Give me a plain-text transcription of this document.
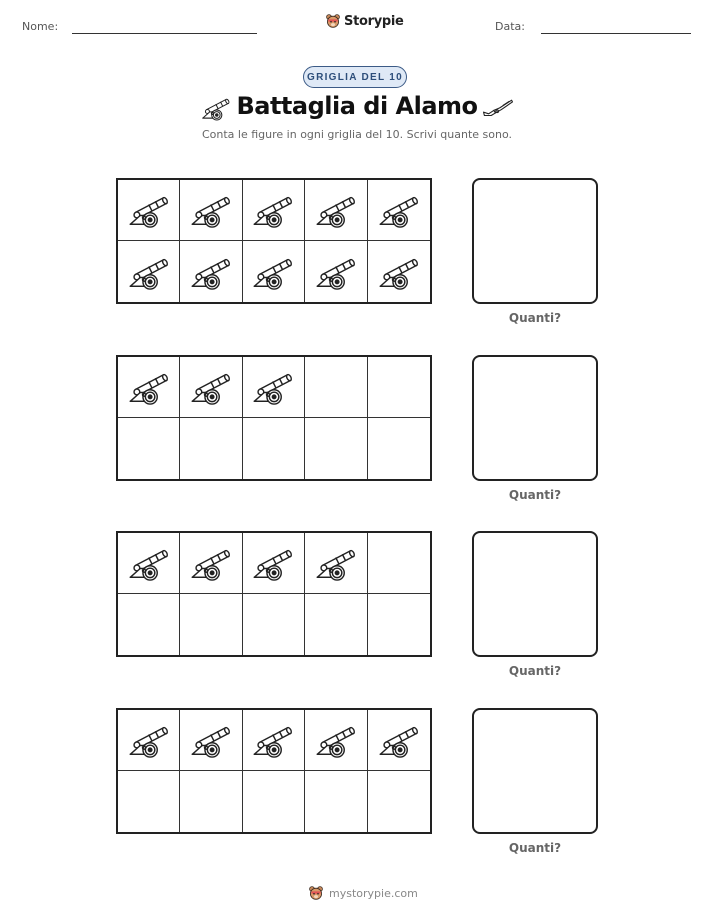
Nome:	Storypie	Data:
GRIGLIA DEL 10
Battaglia di Alamo
Conta le figure in ogni griglia del 10. Scrivi quante sono.
Quanti?
Quanti?
Quanti?
Quanti?
mystorypie.com
